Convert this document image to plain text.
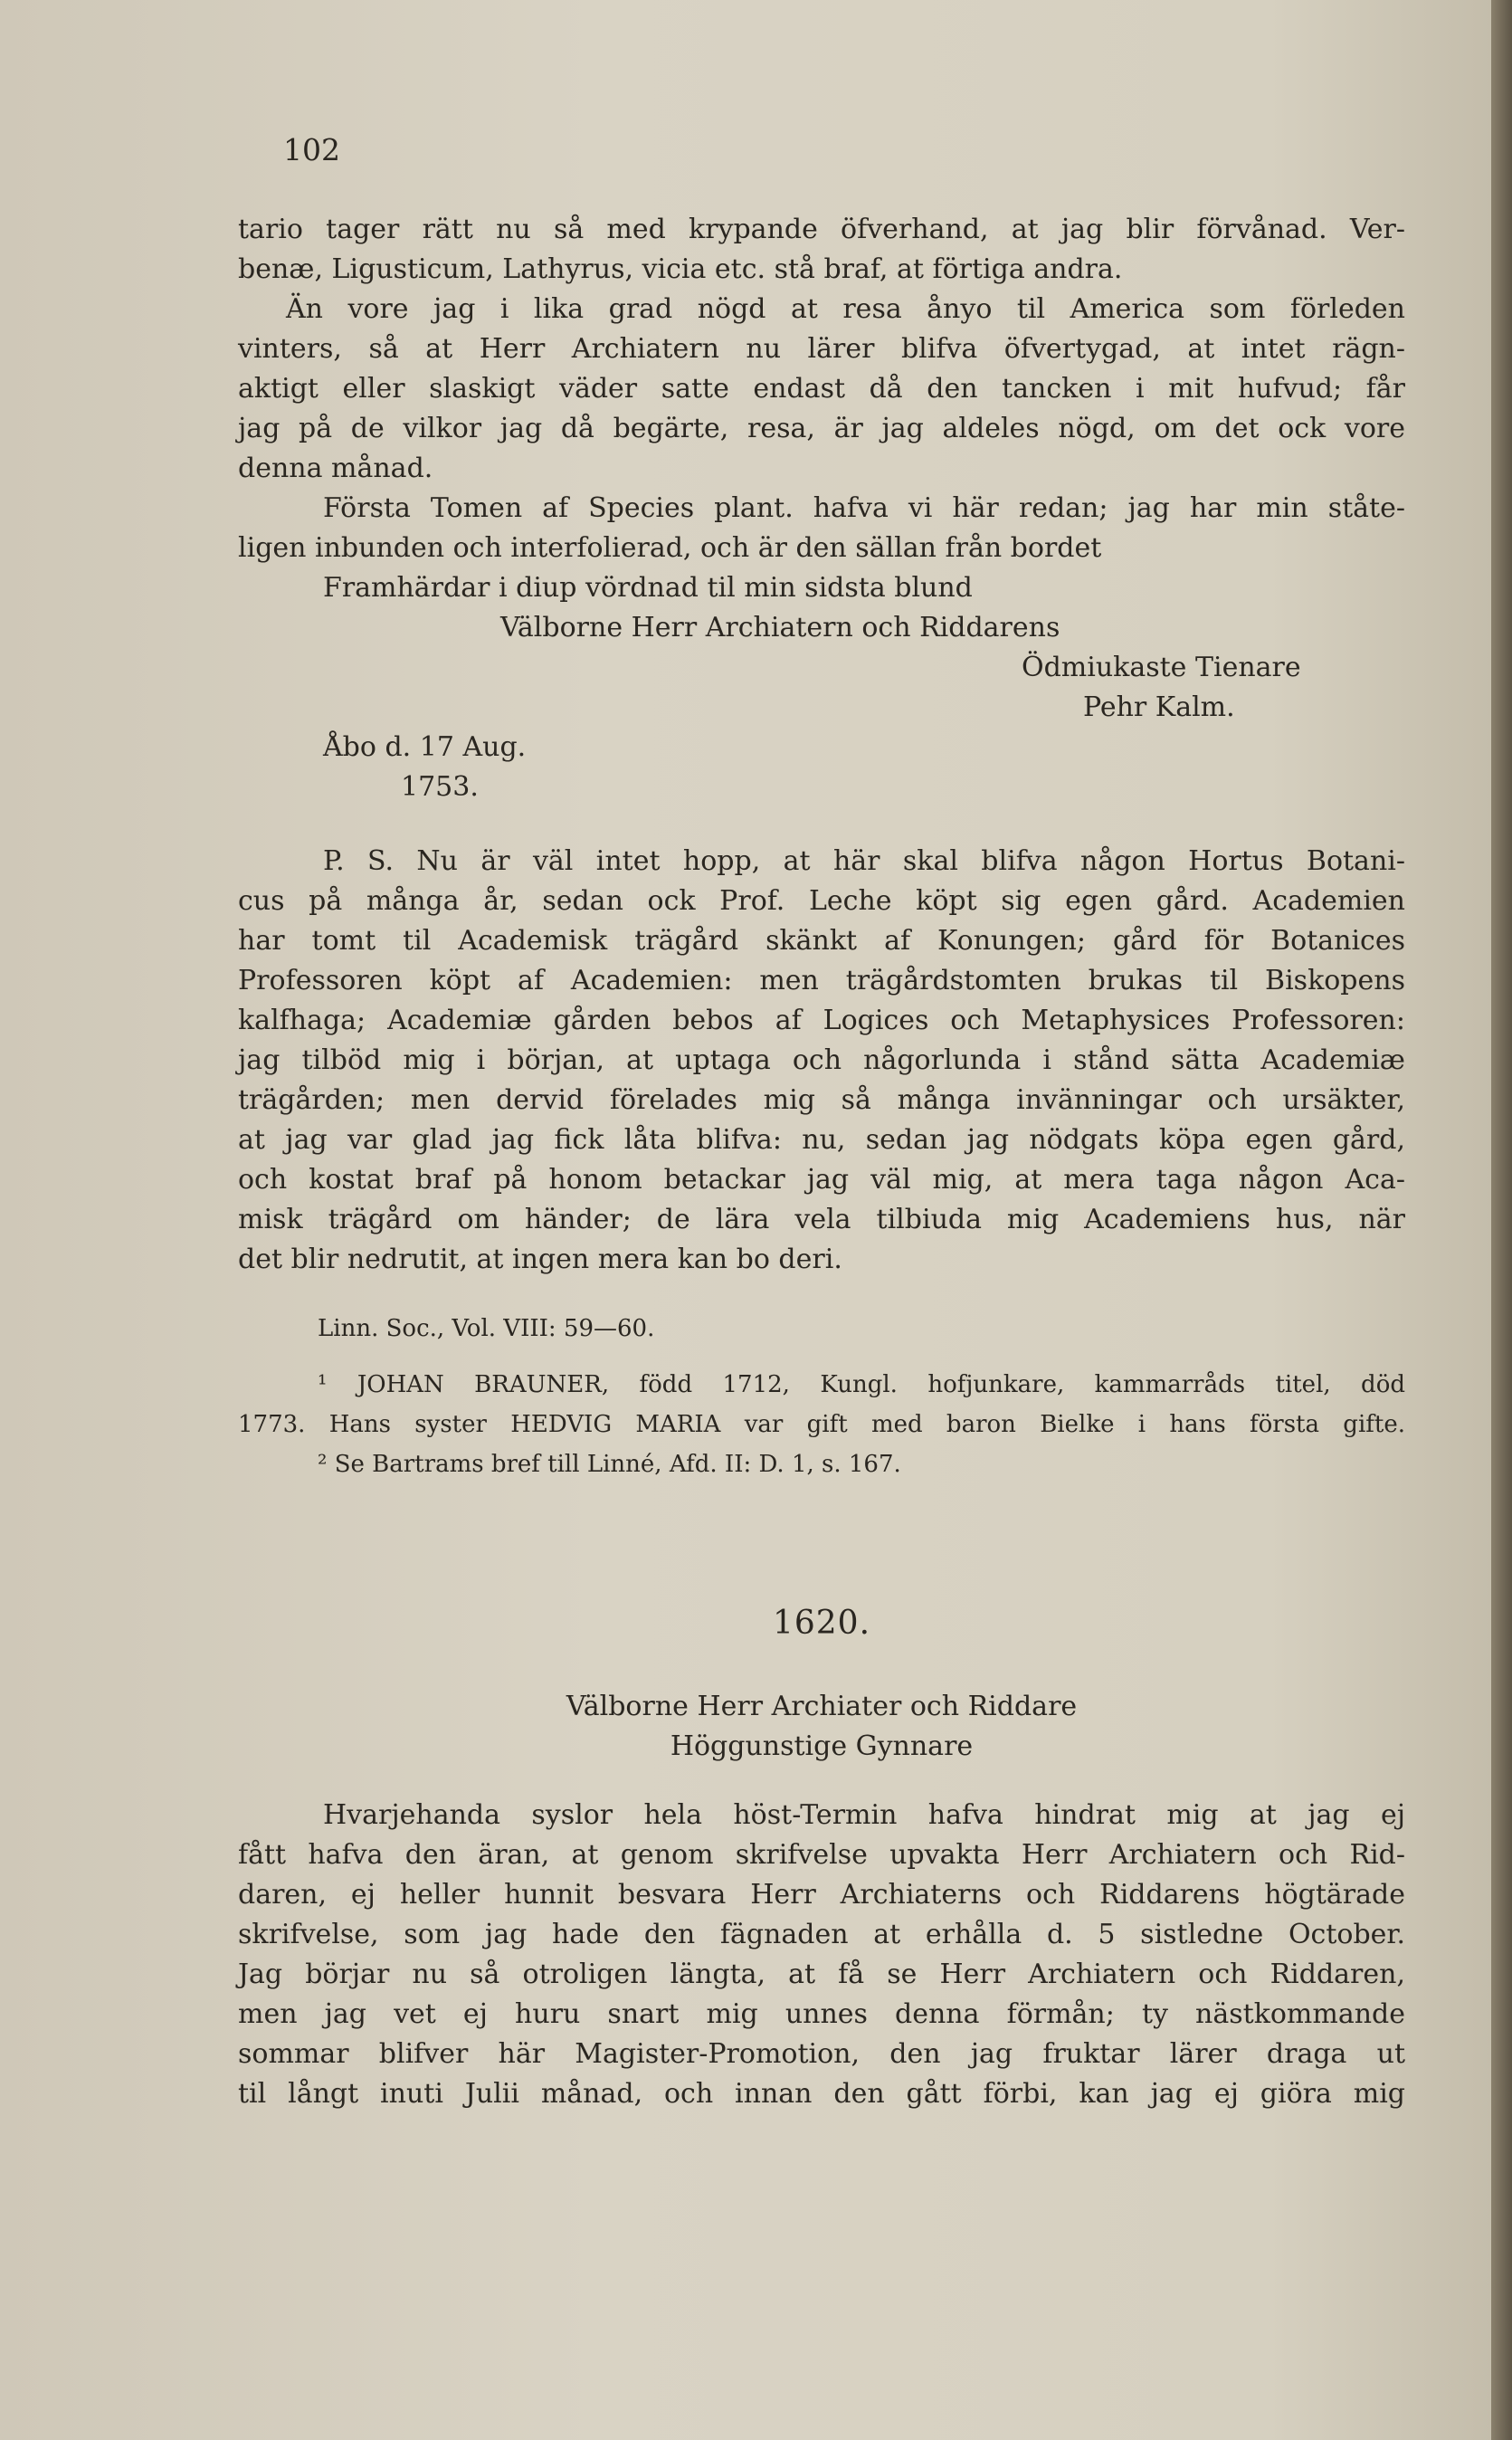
102
tario tager rätt nu så med krypande öfverhand, at jag blir förvånad. Ver-
benæ, Ligusticum, Lathyrus, vicia etc. stå braf, at förtiga andra.
Än vore jag i lika grad nögd at resa ånyo til America som förleden
vinters, så at Herr Archiatern nu lärer blifva öfvertygad, at intet rägn-
aktigt eller slaskigt väder satte endast då den tancken i mit hufvud; får
jag på de vilkor jag då begärte, resa, är jag aldeles nögd, om det ock vore
denna månad.
Första Tomen af Species plant. hafva vi här redan; jag har min ståte-
ligen inbunden och interfolierad, och är den sällan från bordet
Framhärdar i diup vördnad til min sidsta blund
Välborne Herr Archiatern och Riddarens
Ödmiukaste Tienare
Pehr Kalm.
Åbo d. 17 Aug.
1753.
P. S. Nu är väl intet hopp, at här skal blifva någon Hortus Botani-
cus på många år, sedan ock Prof. Leche köpt sig egen gård. Academien
har tomt til Academisk trägård skänkt af Konungen; gård för Botanices
Professoren köpt af Academien: men trägårdstomten brukas til Biskopens
kalfhaga; Academiæ gården bebos af Logices och Metaphysices Professoren:
jag tilböd mig i början, at uptaga och någorlunda i stånd sätta Academiæ
trägården; men dervid förelades mig så många invänningar och ursäkter,
at jag var glad jag fick låta blifva: nu, sedan jag nödgats köpa egen gård,
och kostat braf på honom betackar jag väl mig, at mera taga någon Aca-
misk trägård om händer; de lära vela tilbiuda mig Academiens hus, när
det blir nedrutit, at ingen mera kan bo deri.
Linn. Soc., Vol. VIII: 59—60.
¹ JOHAN BRAUNER, född 1712, Kungl. hofjunkare, kammarråds titel, död
1773. Hans syster HEDVIG MARIA var gift med baron Bielke i hans första gifte.
² Se Bartrams bref till Linné, Afd. II: D. 1, s. 167.
1620.
Välborne Herr Archiater och Riddare
Höggunstige Gynnare
Hvarjehanda syslor hela höst-Termin hafva hindrat mig at jag ej
fått hafva den äran, at genom skrifvelse upvakta Herr Archiatern och Rid-
daren, ej heller hunnit besvara Herr Archiaterns och Riddarens högtärade
skrifvelse, som jag hade den fägnaden at erhålla d. 5 sistledne October.
Jag börjar nu så otroligen längta, at få se Herr Archiatern och Riddaren,
men jag vet ej huru snart mig unnes denna förmån; ty nästkommande
sommar blifver här Magister-Promotion, den jag fruktar lärer draga ut
til långt inuti Julii månad, och innan den gått förbi, kan jag ej giöra mig
